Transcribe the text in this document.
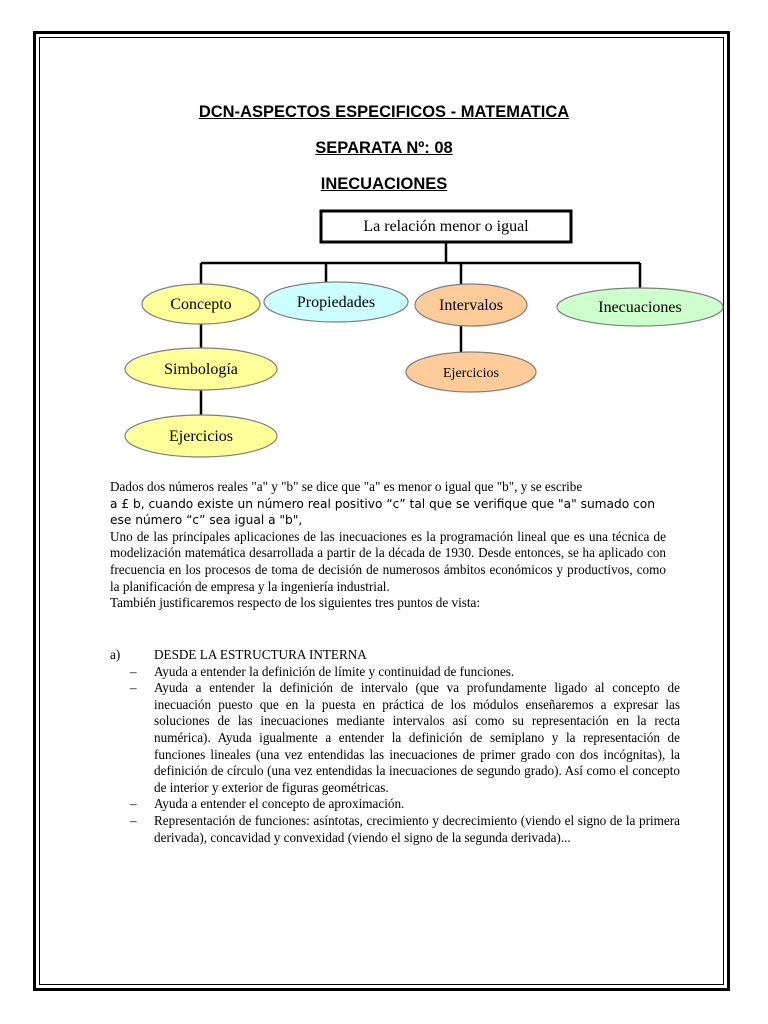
DCN-ASPECTOS ESPECIFICOS - MATEMATICA
SEPARATA Nº: 08
INECUACIONES
La relación menor o igual
Concepto	Propiedades	Intervalos	Inecuaciones
Simbología
Ejercicios
Ejercicios

Dados dos números reales "a" y "b" se dice que "a" es menor o igual que "b", y se escribe

a £ b, cuando existe un número real positivo “c” tal que se verifique que "a" sumado con

ese número “c” sea igual a "b",

Uno de las principales aplicaciones de las inecuaciones es la programación lineal que es una técnica de modelización matemática desarrollada a partir de la década de 1930. Desde entonces, se ha aplicado con frecuencia en los procesos de toma de decisión de numerosos ámbitos económicos y productivos, como la planificación de empresa y la ingeniería industrial.

También justificaremos respecto de los siguientes tres puntos de vista:

a)	DESDE LA ESTRUCTURA INTERNA
–	Ayuda a entender la definición de límite y continuidad de funciones.
–	Ayuda a entender la definición de intervalo (que va profundamente ligado al concepto de inecuación puesto que en la puesta en práctica de los módulos enseñaremos a expresar las soluciones de las inecuaciones mediante intervalos así como su representación en la recta numérica). Ayuda igualmente a entender la definición de semiplano y la representación de funciones lineales (una vez entendidas las inecuaciones de primer grado con dos incógnitas), la definición de círculo (una vez entendidas la inecuaciones de segundo grado). Así como el concepto de interior y exterior de figuras geométricas.
–	Ayuda a entender el concepto de aproximación.
–	Representación de funciones: asíntotas, crecimiento y decrecimiento (viendo el signo de la primera derivada), concavidad y convexidad (viendo el signo de la segunda derivada)...
